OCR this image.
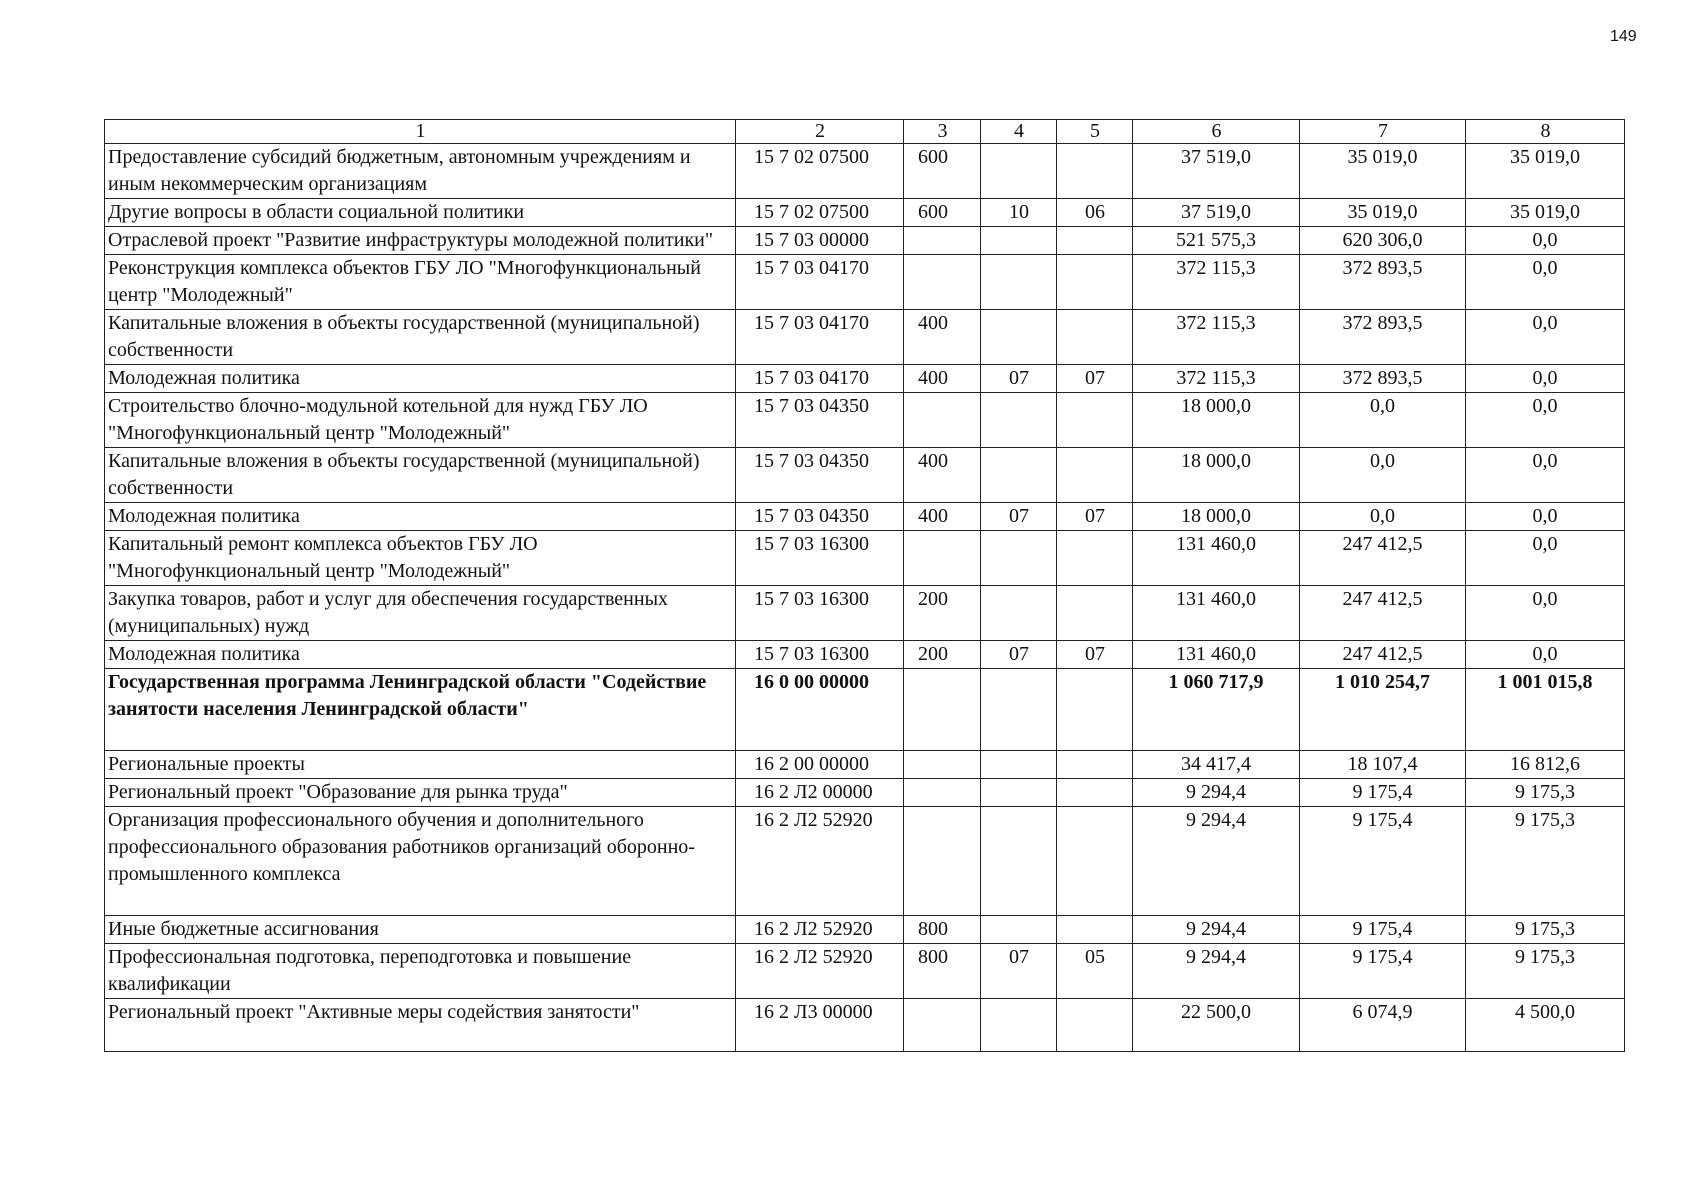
149
1	2	3	4	5	6	7	8
Предоставление субсидий бюджетным, автономным учреждениям и иным некоммерческим организациям	15 7 02 07500	600			37 519,0	35 019,0	35 019,0
Другие вопросы в области социальной политики	15 7 02 07500	600	10	06	37 519,0	35 019,0	35 019,0
Отраслевой проект "Развитие инфраструктуры молодежной политики"	15 7 03 00000				521 575,3	620 306,0	0,0
Реконструкция комплекса объектов ГБУ ЛО "Многофункциональный центр "Молодежный"	15 7 03 04170				372 115,3	372 893,5	0,0
Капитальные вложения в объекты государственной (муниципальной) собственности	15 7 03 04170	400			372 115,3	372 893,5	0,0
Молодежная политика	15 7 03 04170	400	07	07	372 115,3	372 893,5	0,0
Строительство блочно-модульной котельной для нужд ГБУ ЛО "Многофункциональный центр "Молодежный"	15 7 03 04350				18 000,0	0,0	0,0
Капитальные вложения в объекты государственной (муниципальной) собственности	15 7 03 04350	400			18 000,0	0,0	0,0
Молодежная политика	15 7 03 04350	400	07	07	18 000,0	0,0	0,0
Капитальный ремонт комплекса объектов ГБУ ЛО "Многофункциональный центр "Молодежный"	15 7 03 16300				131 460,0	247 412,5	0,0
Закупка товаров, работ и услуг для обеспечения государственных (муниципальных) нужд	15 7 03 16300	200			131 460,0	247 412,5	0,0
Молодежная политика	15 7 03 16300	200	07	07	131 460,0	247 412,5	0,0
Государственная программа Ленинградской области "Содействие занятости населения Ленинградской области"	16 0 00 00000				1 060 717,9	1 010 254,7	1 001 015,8
Региональные проекты	16 2 00 00000				34 417,4	18 107,4	16 812,6
Региональный проект "Образование для рынка труда"	16 2 Л2 00000				9 294,4	9 175,4	9 175,3
Организация профессионального обучения и дополнительного профессионального образования работников организаций оборонно-промышленного комплекса	16 2 Л2 52920				9 294,4	9 175,4	9 175,3
Иные бюджетные ассигнования	16 2 Л2 52920	800			9 294,4	9 175,4	9 175,3
Профессиональная подготовка, переподготовка и повышение квалификации	16 2 Л2 52920	800	07	05	9 294,4	9 175,4	9 175,3
Региональный проект "Активные меры содействия занятости"	16 2 Л3 00000				22 500,0	6 074,9	4 500,0
